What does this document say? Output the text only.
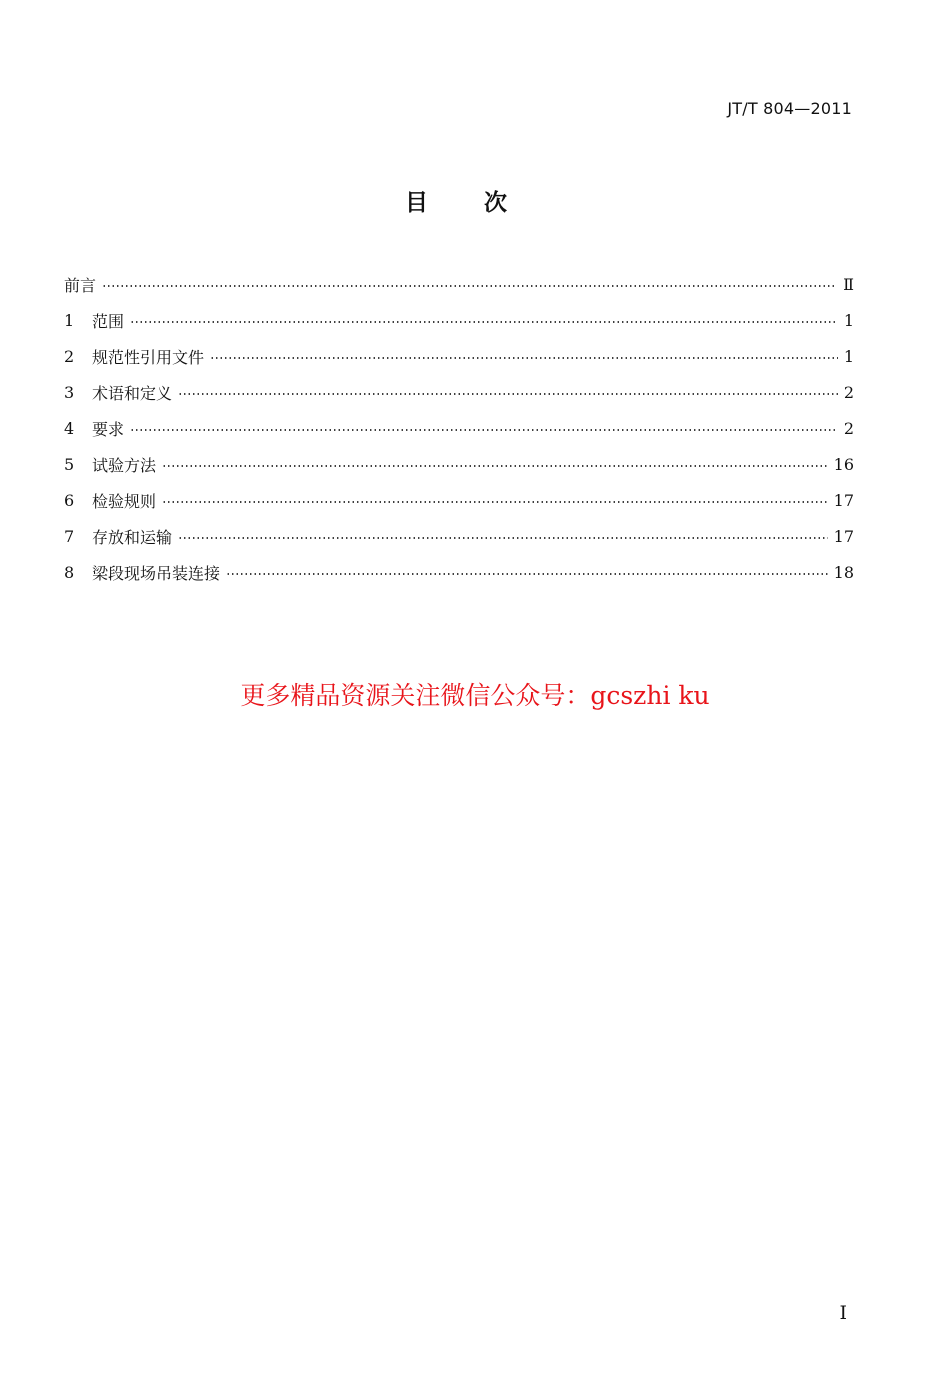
JT/T 804—2011
目次
前言	Ⅱ
1	范围	1
2	规范性引用文件	1
3	术语和定义	2
4	要求	2
5	试验方法	16
6	检验规则	17
7	存放和运输	17
8	梁段现场吊装连接	18
更多精品资源关注微信公众号：gcszhi ku
I
